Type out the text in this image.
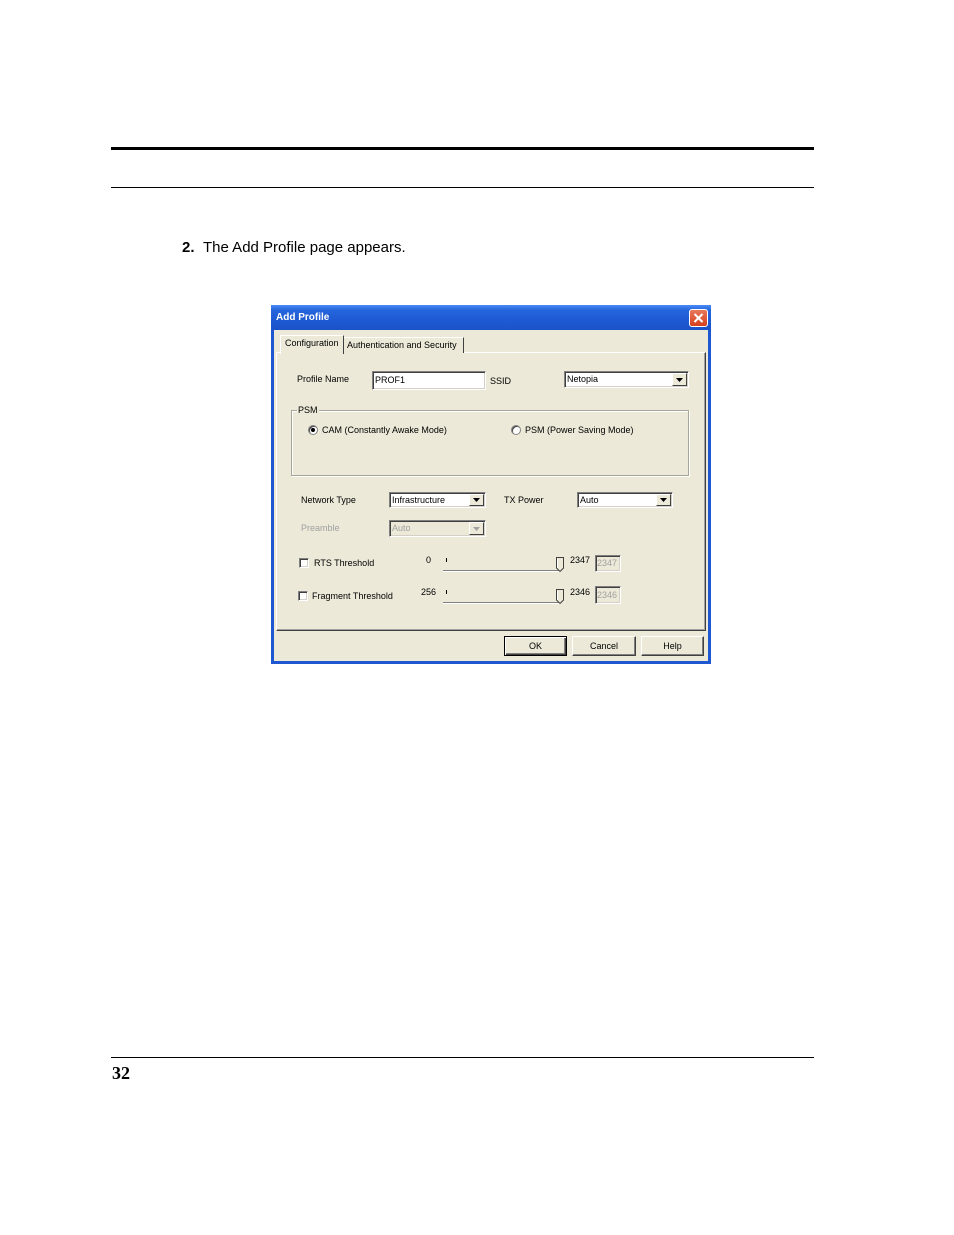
2. The Add Profile page appears.
Add Profile
Configuration Authentication and Security
Profile Name	PROF1	SSID	Netopia
PSM
CAM (Constantly Awake Mode)	PSM (Power Saving Mode)
Network Type	Infrastructure	TX Power	Auto
Preamble	Auto
RTS Threshold	0	2347 2347
Fragment Threshold	256	2346 2346
OK	Cancel	Help
32
